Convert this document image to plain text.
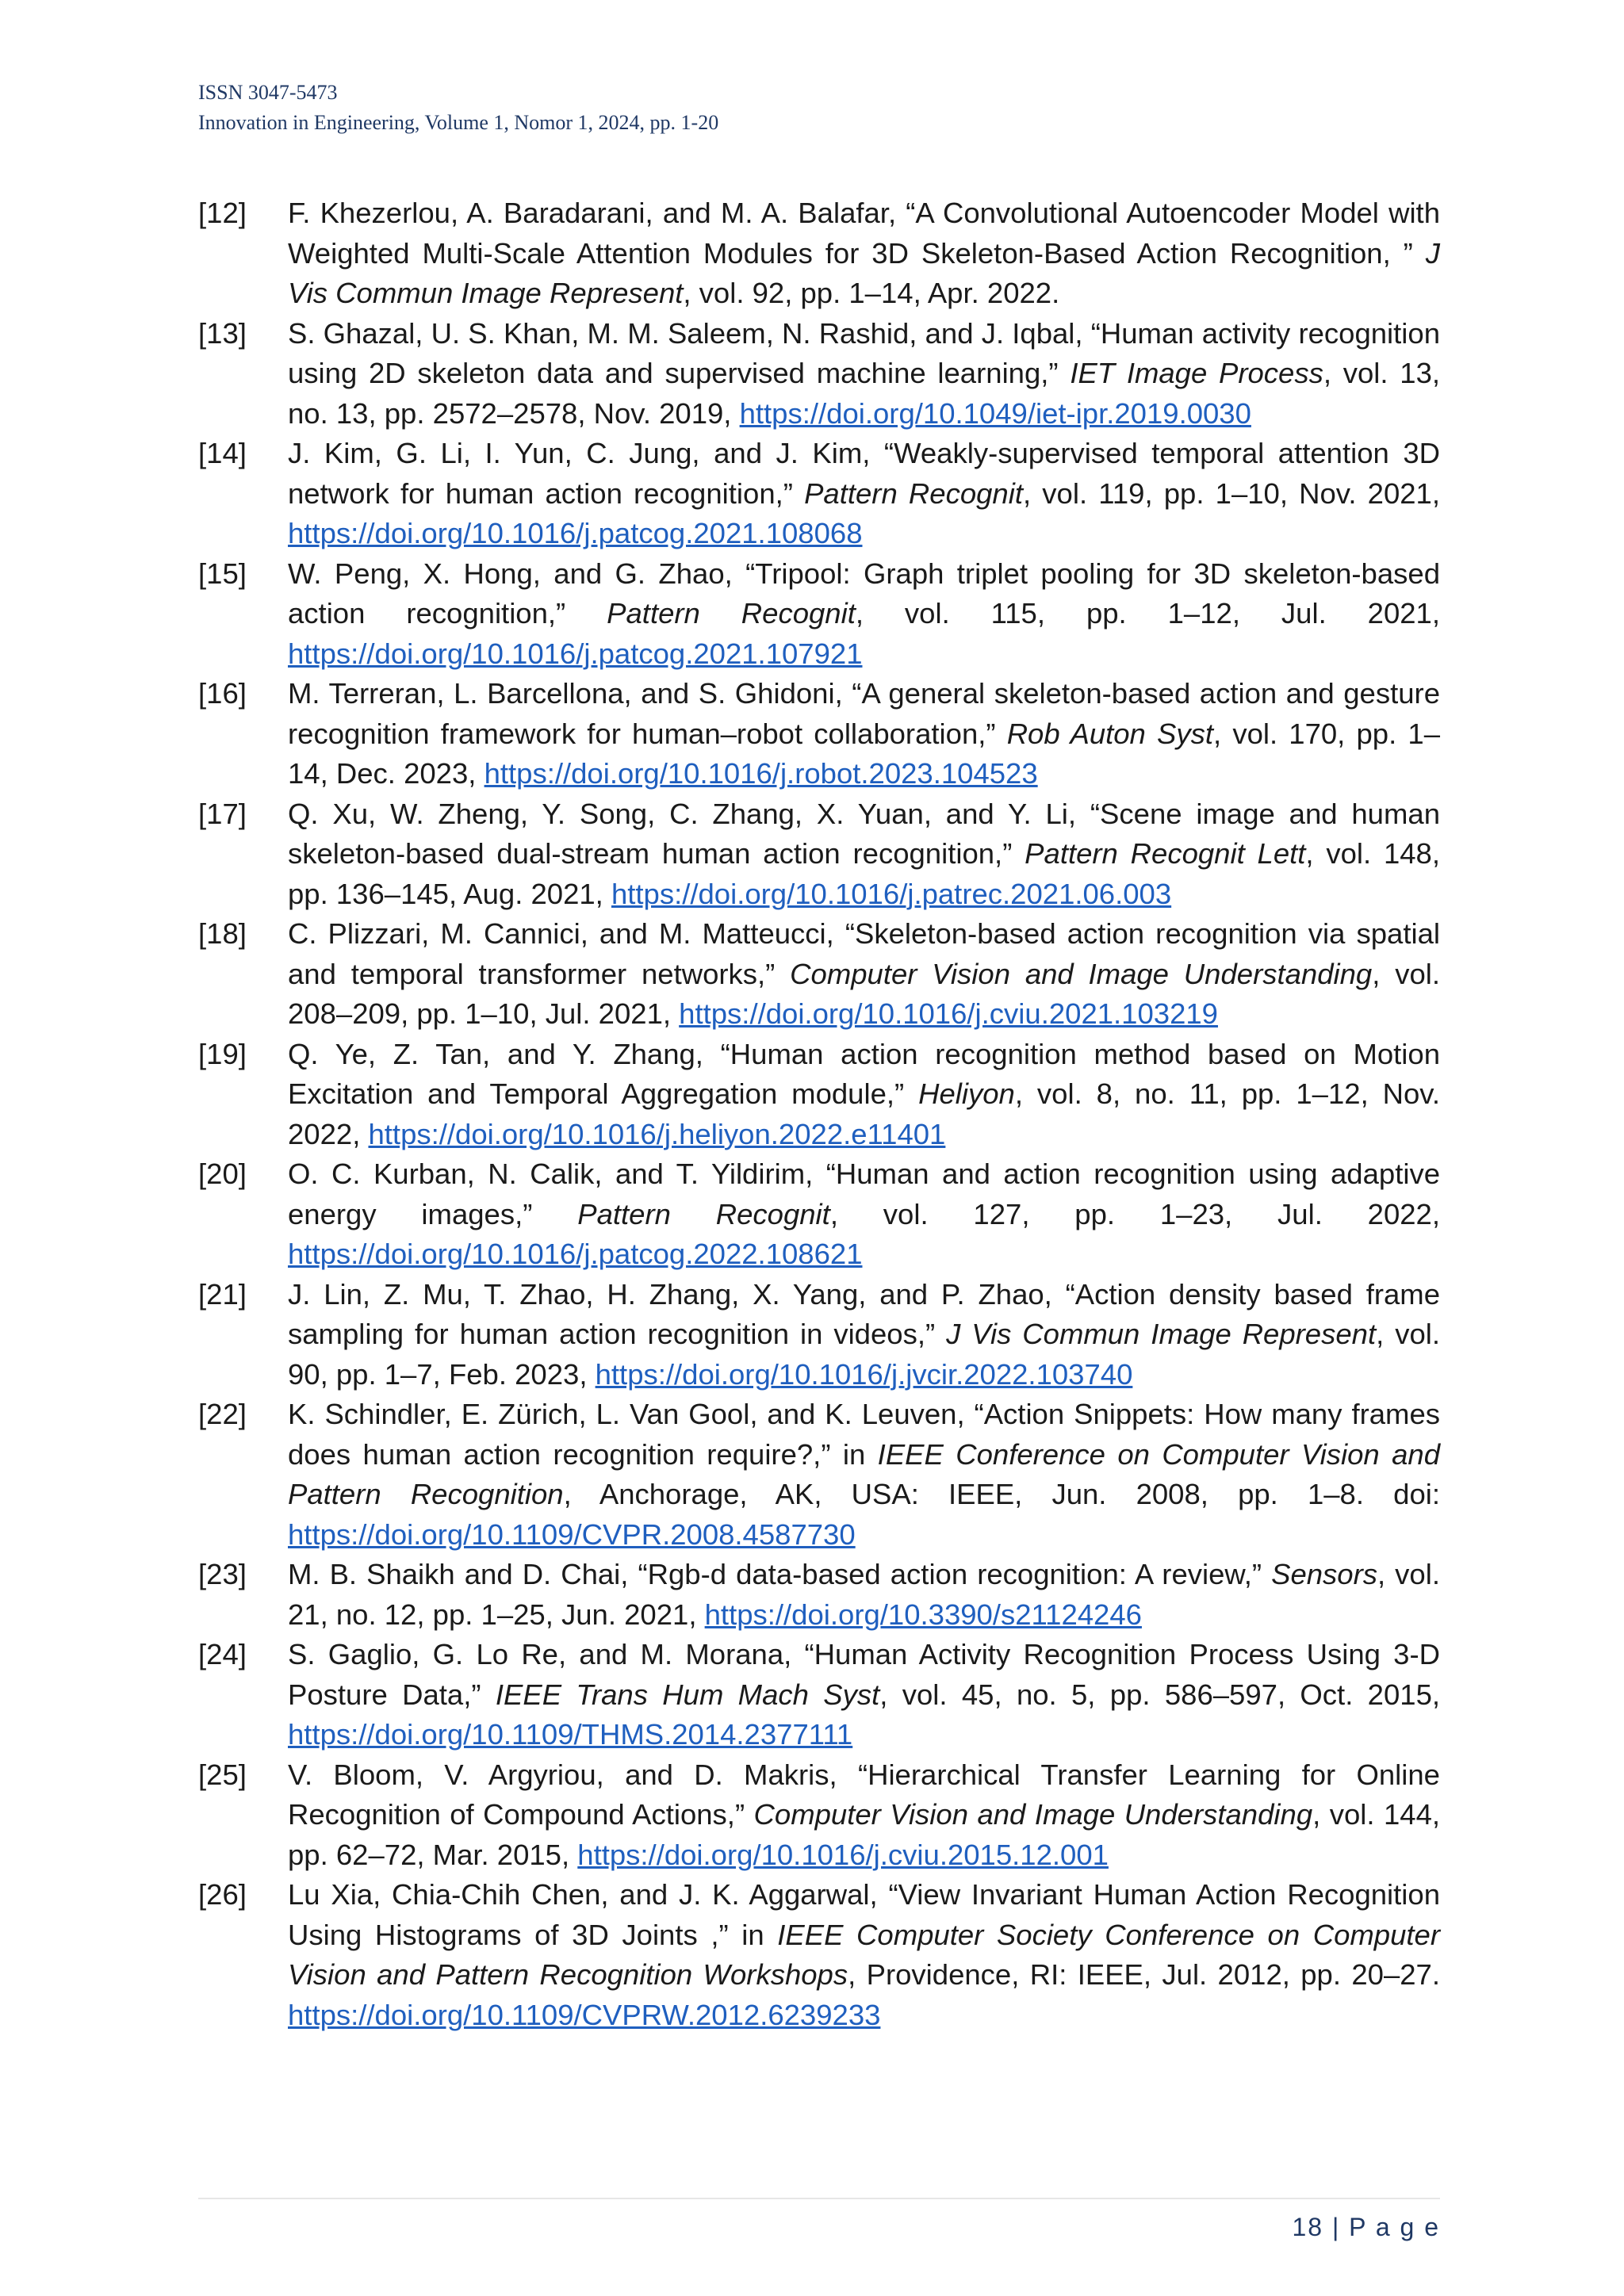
ISSN 3047-5473
Innovation in Engineering, Volume 1, Nomor 1, 2024, pp. 1-20
[12] F. Khezerlou, A. Baradarani, and M. A. Balafar, “A Convolutional Autoencoder Model with Weighted Multi-Scale Attention Modules for 3D Skeleton-Based Action Recognition, ” J Vis Commun Image Represent, vol. 92, pp. 1–14, Apr. 2022.
[13] S. Ghazal, U. S. Khan, M. M. Saleem, N. Rashid, and J. Iqbal, “Human activity recognition using 2D skeleton data and supervised machine learning,” IET Image Process, vol. 13, no. 13, pp. 2572–2578, Nov. 2019, https://doi.org/10.1049/iet-ipr.2019.0030
[14] J. Kim, G. Li, I. Yun, C. Jung, and J. Kim, “Weakly-supervised temporal attention 3D network for human action recognition,” Pattern Recognit, vol. 119, pp. 1–10, Nov. 2021, https://doi.org/10.1016/j.patcog.2021.108068
[15] W. Peng, X. Hong, and G. Zhao, “Tripool: Graph triplet pooling for 3D skeleton-based action recognition,” Pattern Recognit, vol. 115, pp. 1–12, Jul. 2021, https://doi.org/10.1016/j.patcog.2021.107921
[16] M. Terreran, L. Barcellona, and S. Ghidoni, “A general skeleton-based action and gesture recognition framework for human–robot collaboration,” Rob Auton Syst, vol. 170, pp. 1–14, Dec. 2023, https://doi.org/10.1016/j.robot.2023.104523
[17] Q. Xu, W. Zheng, Y. Song, C. Zhang, X. Yuan, and Y. Li, “Scene image and human skeleton-based dual-stream human action recognition,” Pattern Recognit Lett, vol. 148, pp. 136–145, Aug. 2021, https://doi.org/10.1016/j.patrec.2021.06.003
[18] C. Plizzari, M. Cannici, and M. Matteucci, “Skeleton-based action recognition via spatial and temporal transformer networks,” Computer Vision and Image Understanding, vol. 208–209, pp. 1–10, Jul. 2021, https://doi.org/10.1016/j.cviu.2021.103219
[19] Q. Ye, Z. Tan, and Y. Zhang, “Human action recognition method based on Motion Excitation and Temporal Aggregation module,” Heliyon, vol. 8, no. 11, pp. 1–12, Nov. 2022, https://doi.org/10.1016/j.heliyon.2022.e11401
[20] O. C. Kurban, N. Calik, and T. Yildirim, “Human and action recognition using adaptive energy images,” Pattern Recognit, vol. 127, pp. 1–23, Jul. 2022, https://doi.org/10.1016/j.patcog.2022.108621
[21] J. Lin, Z. Mu, T. Zhao, H. Zhang, X. Yang, and P. Zhao, “Action density based frame sampling for human action recognition in videos,” J Vis Commun Image Represent, vol. 90, pp. 1–7, Feb. 2023, https://doi.org/10.1016/j.jvcir.2022.103740
[22] K. Schindler, E. Zürich, L. Van Gool, and K. Leuven, “Action Snippets: How many frames does human action recognition require?,” in IEEE Conference on Computer Vision and Pattern Recognition, Anchorage, AK, USA: IEEE, Jun. 2008, pp. 1–8. doi: https://doi.org/10.1109/CVPR.2008.4587730
[23] M. B. Shaikh and D. Chai, “Rgb-d data-based action recognition: A review,” Sensors, vol. 21, no. 12, pp. 1–25, Jun. 2021, https://doi.org/10.3390/s21124246
[24] S. Gaglio, G. Lo Re, and M. Morana, “Human Activity Recognition Process Using 3-D Posture Data,” IEEE Trans Hum Mach Syst, vol. 45, no. 5, pp. 586–597, Oct. 2015, https://doi.org/10.1109/THMS.2014.2377111
[25] V. Bloom, V. Argyriou, and D. Makris, “Hierarchical Transfer Learning for Online Recognition of Compound Actions,” Computer Vision and Image Understanding, vol. 144, pp. 62–72, Mar. 2015, https://doi.org/10.1016/j.cviu.2015.12.001
[26] Lu Xia, Chia-Chih Chen, and J. K. Aggarwal, “View Invariant Human Action Recognition Using Histograms of 3D Joints ,” in IEEE Computer Society Conference on Computer Vision and Pattern Recognition Workshops, Providence, RI: IEEE, Jul. 2012, pp. 20–27. https://doi.org/10.1109/CVPRW.2012.6239233
18 | P a g e
